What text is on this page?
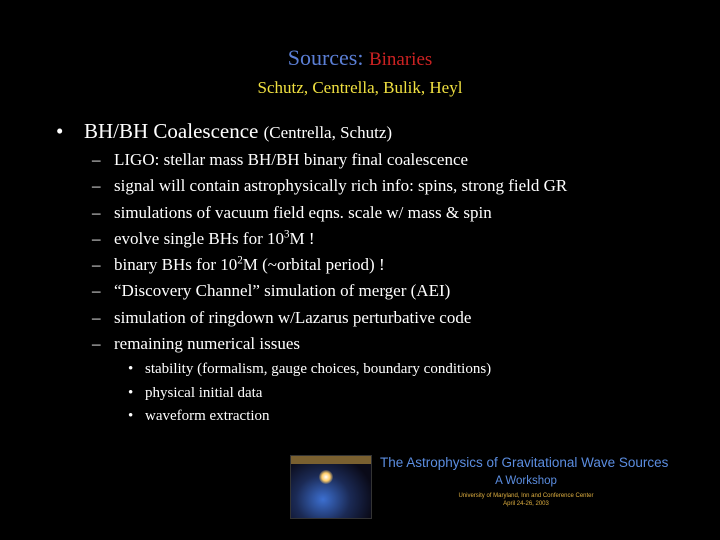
Sources: Binaries
Schutz, Centrella, Bulik, Heyl
• BH/BH Coalescence (Centrella, Schutz)
– LIGO: stellar mass BH/BH binary final coalescence
– signal will contain astrophysically rich info: spins, strong field GR
– simulations of vacuum field eqns. scale w/ mass & spin
– evolve single BHs for $10^3M$ !
– binary BHs for $10^2M$ (~orbital period) !
– “Discovery Channel” simulation of merger (AEI)
– simulation of ringdown w/Lazarus perturbative code
– remaining numerical issues
• stability (formalism, gauge choices, boundary conditions)
• physical initial data
• waveform extraction
The Astrophysics of Gravitational Wave Sources
A Workshop
University of Maryland, Inn and Conference Center
April 24-26, 2003
